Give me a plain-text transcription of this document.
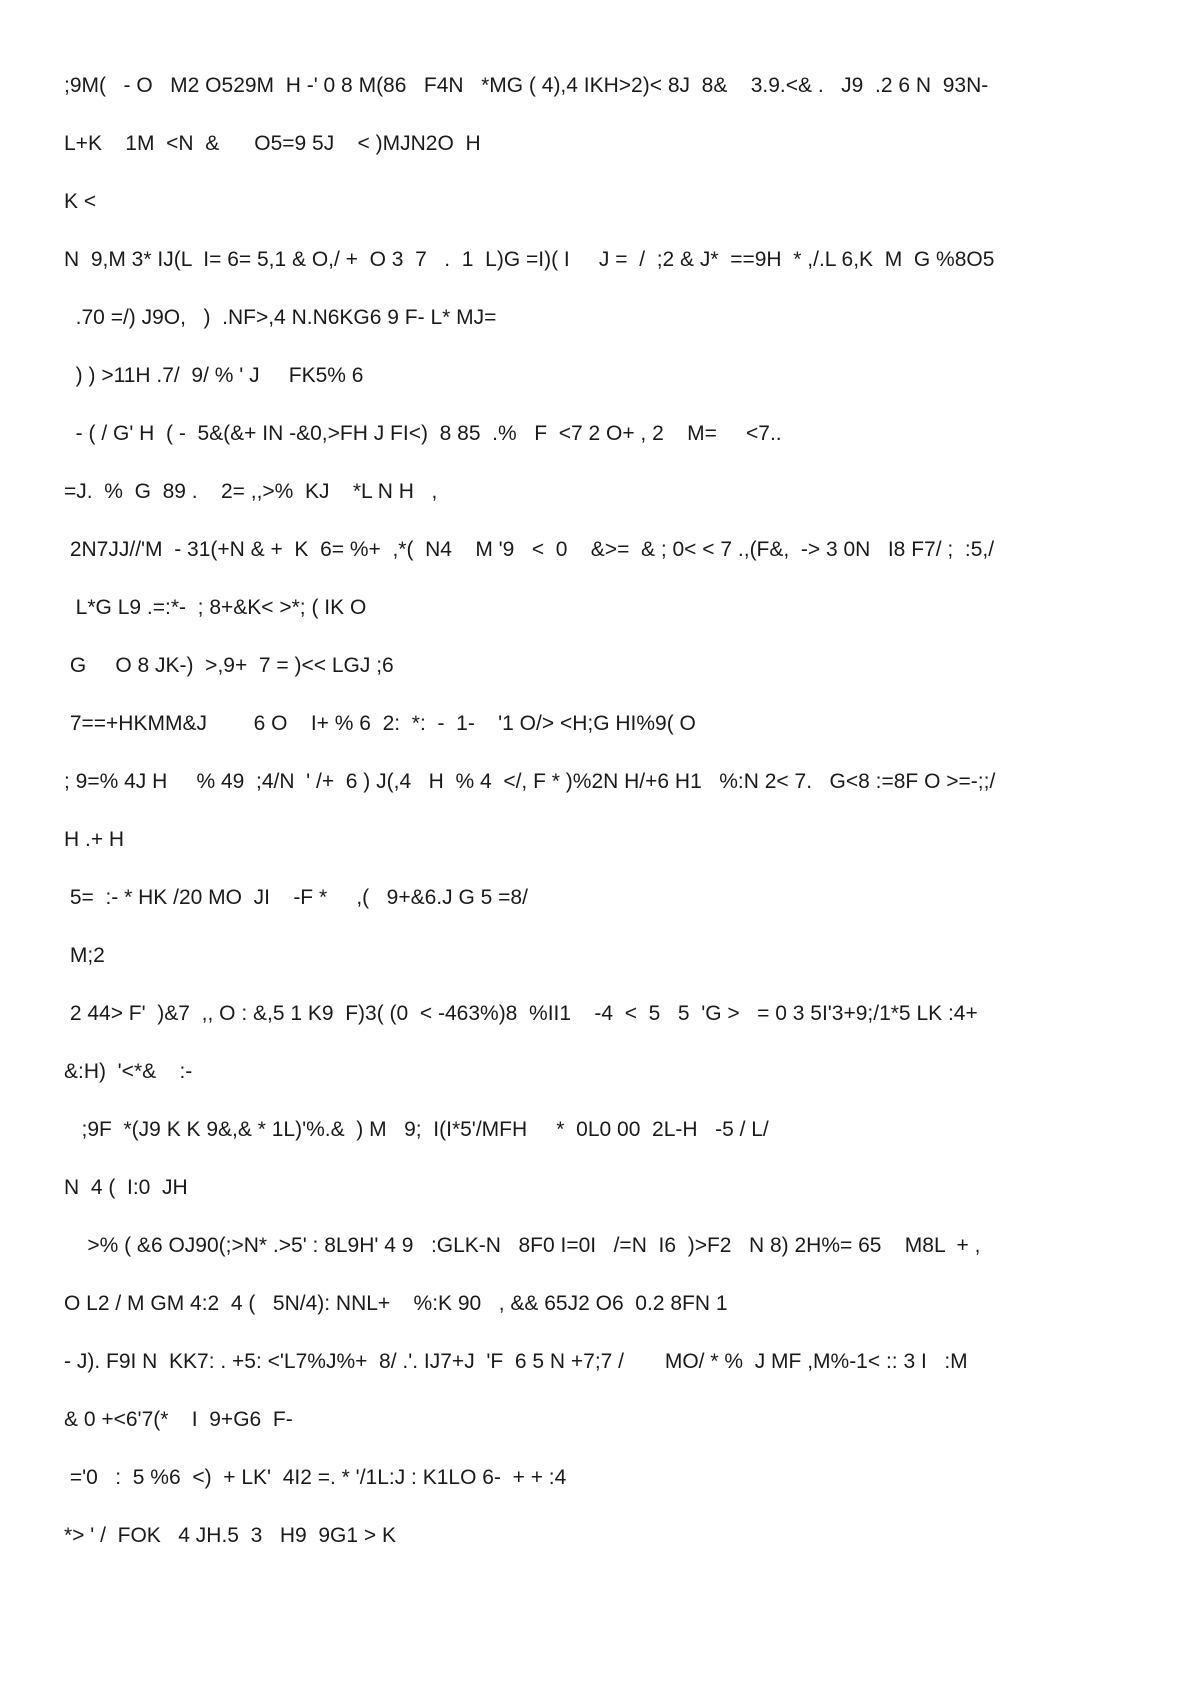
;9M(   - O   M2 O529M  H -' 0 8 M(86   F4N   *MG ( 4),4 IKH>2)< 8J  8&    3.9.<& .   J9  .2 6 N  93N-
L+K    1M  <N  &      O5=9 5J    < )MJN2O  H
K <
N  9,M 3* IJ(L  I= 6= 5,1 & O,/ +  O 3  7   .  1  L)G =I)( I     J =  /  ;2 & J*  ==9H  * ,/.L 6,K  M  G %8O5
.70 =/) J9O,   )  .NF>,4 N.N6KG6 9 F- L* MJ=
) ) >11H .7/  9/ % ' J     FK5% 6
- ( / G' H  ( -  5&(&+ IN -&0,>FH J FI<)  8 85  .%   F  <7 2 O+ , 2    M=     <7..
=J.  %  G  89 .    2= ,,>%  KJ    *L N H   ,
2N7JJ//'M  - 31(+N & +  K  6= %+  ,*(  N4    M '9   <  0    &>=  & ; 0< < 7 .,(F&,  -> 3 0N   I8 F7/ ;  :5,/
L*G L9 .=:*-  ; 8+&K< >*; ( IK O
G     O 8 JK-)  >,9+  7 = )<< LGJ ;6
7==+HKMM&J        6 O    I+ % 6  2:  *:  -  1-    '1 O/> <H;G HI%9( O
; 9=% 4J H     % 49  ;4/N  ' /+  6 ) J(,4   H  % 4  </, F * )%2N H/+6 H1   %:N 2< 7.   G<8 :=8F O >=-;;/
H .+ H
5=  :- * HK /20 MO  JI    -F *     ,(   9+&6.J G 5 =8/
M;2
2 44> F'  )&7  ,, O : &,5 1 K9  F)3( (0  < -463%)8  %II1    -4  <  5   5  'G >   = 0 3 5I'3+9;/1*5 LK :4+
&:H)  '<*&    :-
;9F  *(J9 K K 9&,& * 1L)'%.&  ) M   9;  I(I*5'/MFH     *  0L0 00  2L-H   -5 / L/
N  4 (  I:0  JH
>% ( &6 OJ90(;>N* .>5' : 8L9H' 4 9   :GLK-N   8F0 I=0I   /=N  I6  )>F2   N 8) 2H%= 65    M8L  + ,
O L2 / M GM 4:2  4 (   5N/4): NNL+    %:K 90   , && 65J2 O6  0.2 8FN 1
- J). F9I N  KK7: . +5: <'L7%J%+  8/ .'. IJ7+J  'F  6 5 N +7;7 /       MO/ * %  J MF ,M%-1< :: 3 I   :M
& 0 +<6'7(*    I  9+G6  F-
='0   :  5 %6  <)  + LK'  4I2 =. * '/1L:J : K1LO 6-  + + :4
*> ' /  FOK   4 JH.5  3   H9  9G1 > K
